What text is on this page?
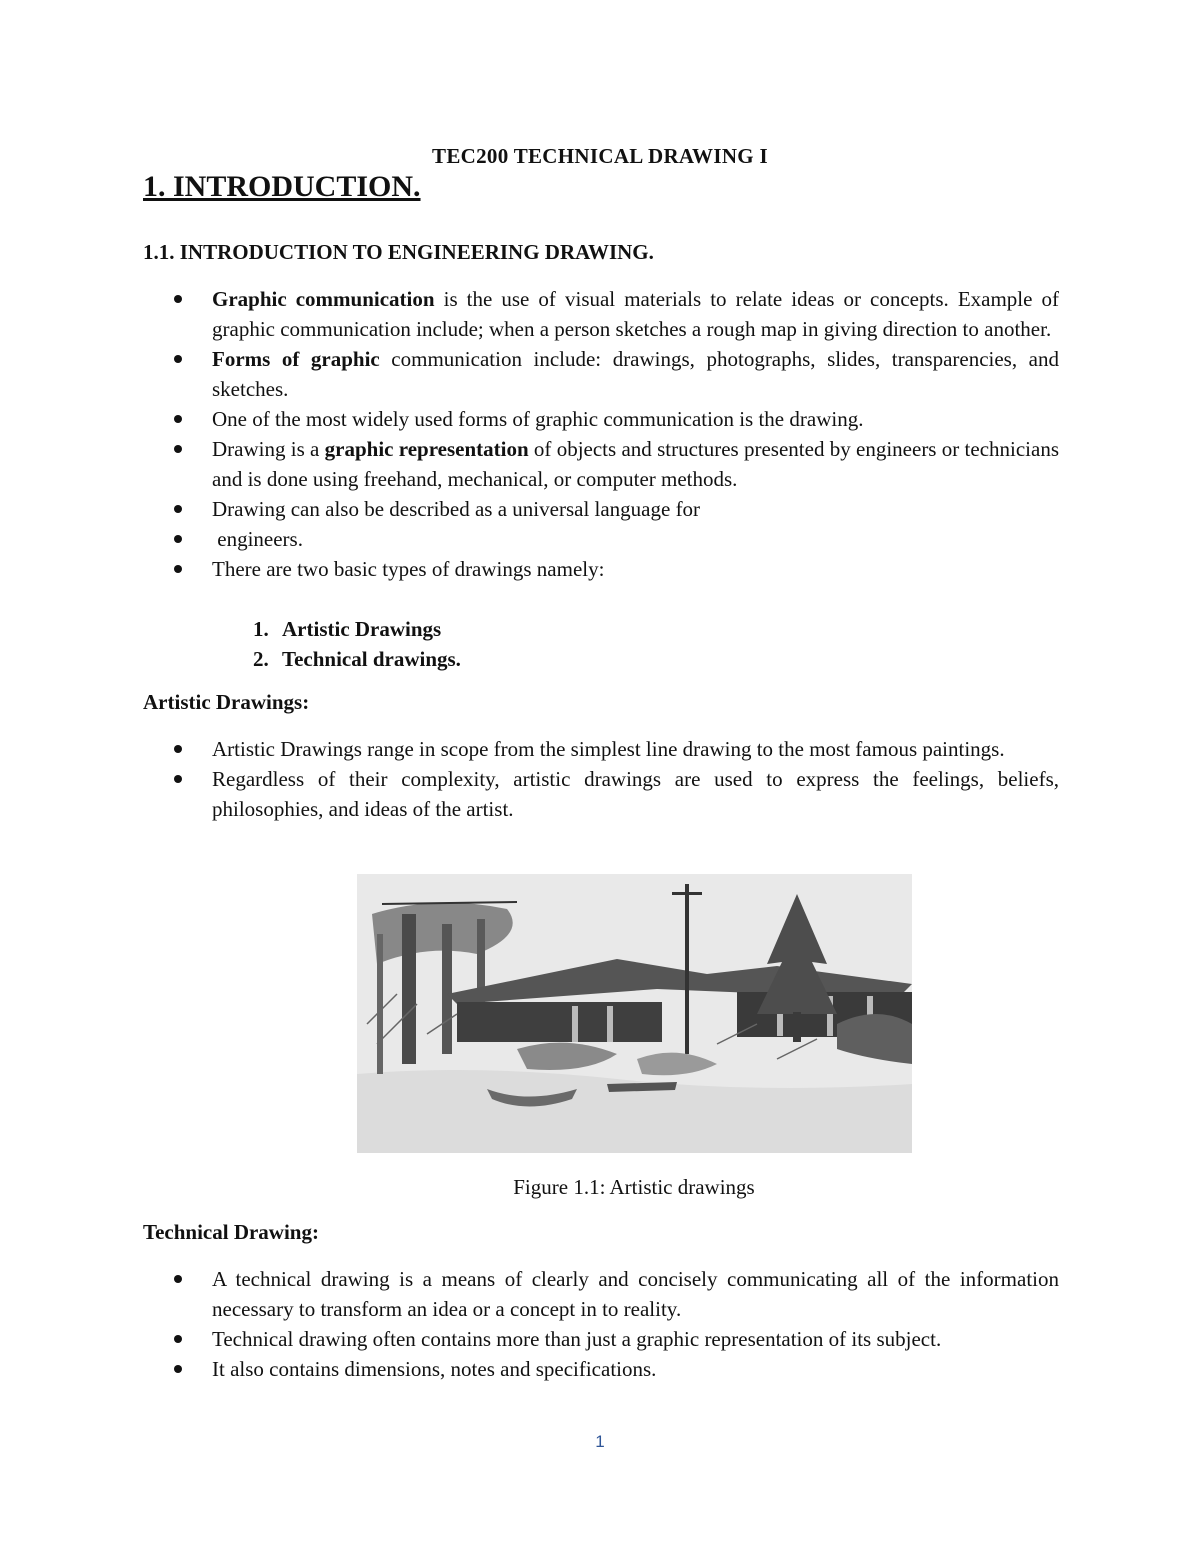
TEC200 TECHNICAL DRAWING I
1. INTRODUCTION.
1.1. INTRODUCTION TO ENGINEERING DRAWING.
Graphic communication is the use of visual materials to relate ideas or concepts. Example of graphic communication include; when a person sketches a rough map in giving direction to another.
Forms of graphic communication include: drawings, photographs, slides, transparencies, and sketches.
One of the most widely used forms of graphic communication is the drawing.
Drawing is a graphic representation of objects and structures presented by engineers or technicians and is done using freehand, mechanical, or computer methods.
Drawing can also be described as a universal language for
engineers.
There are two basic types of drawings namely:
1. Artistic Drawings
2. Technical drawings.
Artistic Drawings:
Artistic Drawings range in scope from the simplest line drawing to the most famous paintings.
Regardless of their complexity, artistic drawings are used to express the feelings, beliefs, philosophies, and ideas of the artist.
Figure 1.1: Artistic drawings
Technical Drawing:
A technical drawing is a means of clearly and concisely communicating all of the information necessary to transform an idea or a concept in to reality.
Technical drawing often contains more than just a graphic representation of its subject.
It also contains dimensions, notes and specifications.
1
